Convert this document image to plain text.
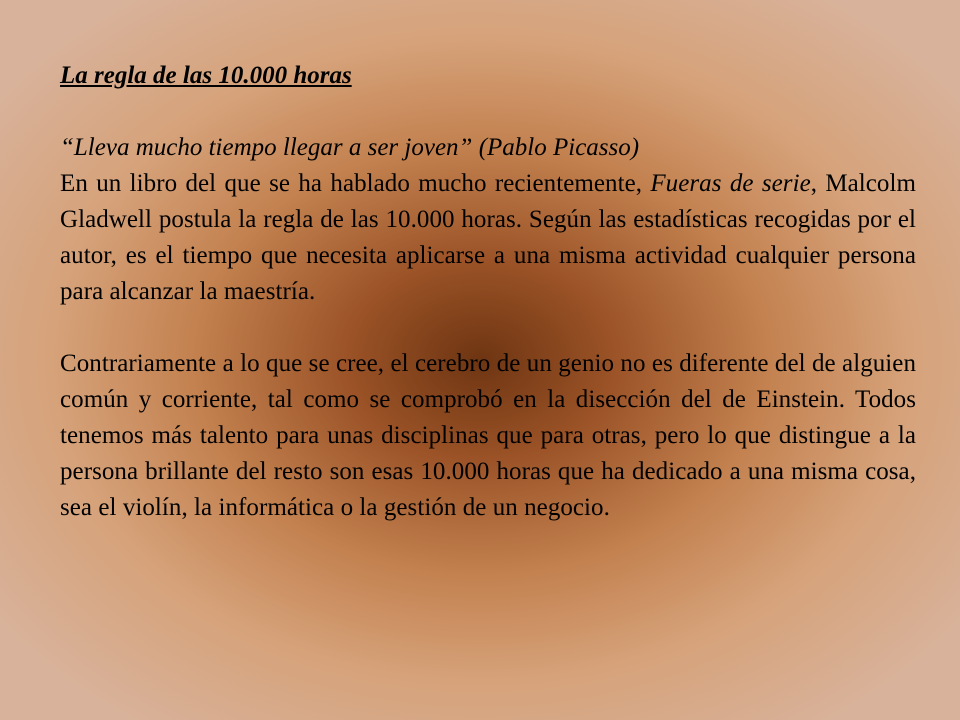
La regla de las 10.000 horas

“Lleva mucho tiempo llegar a ser joven” (Pablo Picasso)

En un libro del que se ha hablado mucho recientemente, Fueras de serie, Malcolm Gladwell postula la regla de las 10.000 horas. Según las estadísticas recogidas por el autor, es el tiempo que necesita aplicarse a una misma actividad cualquier persona para alcanzar la maestría.

Contrariamente a lo que se cree, el cerebro de un genio no es diferente del de alguien común y corriente, tal como se comprobó en la disección del de Einstein. Todos tenemos más talento para unas disciplinas que para otras, pero lo que distingue a la persona brillante del resto son esas 10.000 horas que ha dedicado a una misma cosa, sea el violín, la informática o la gestión de un negocio.
